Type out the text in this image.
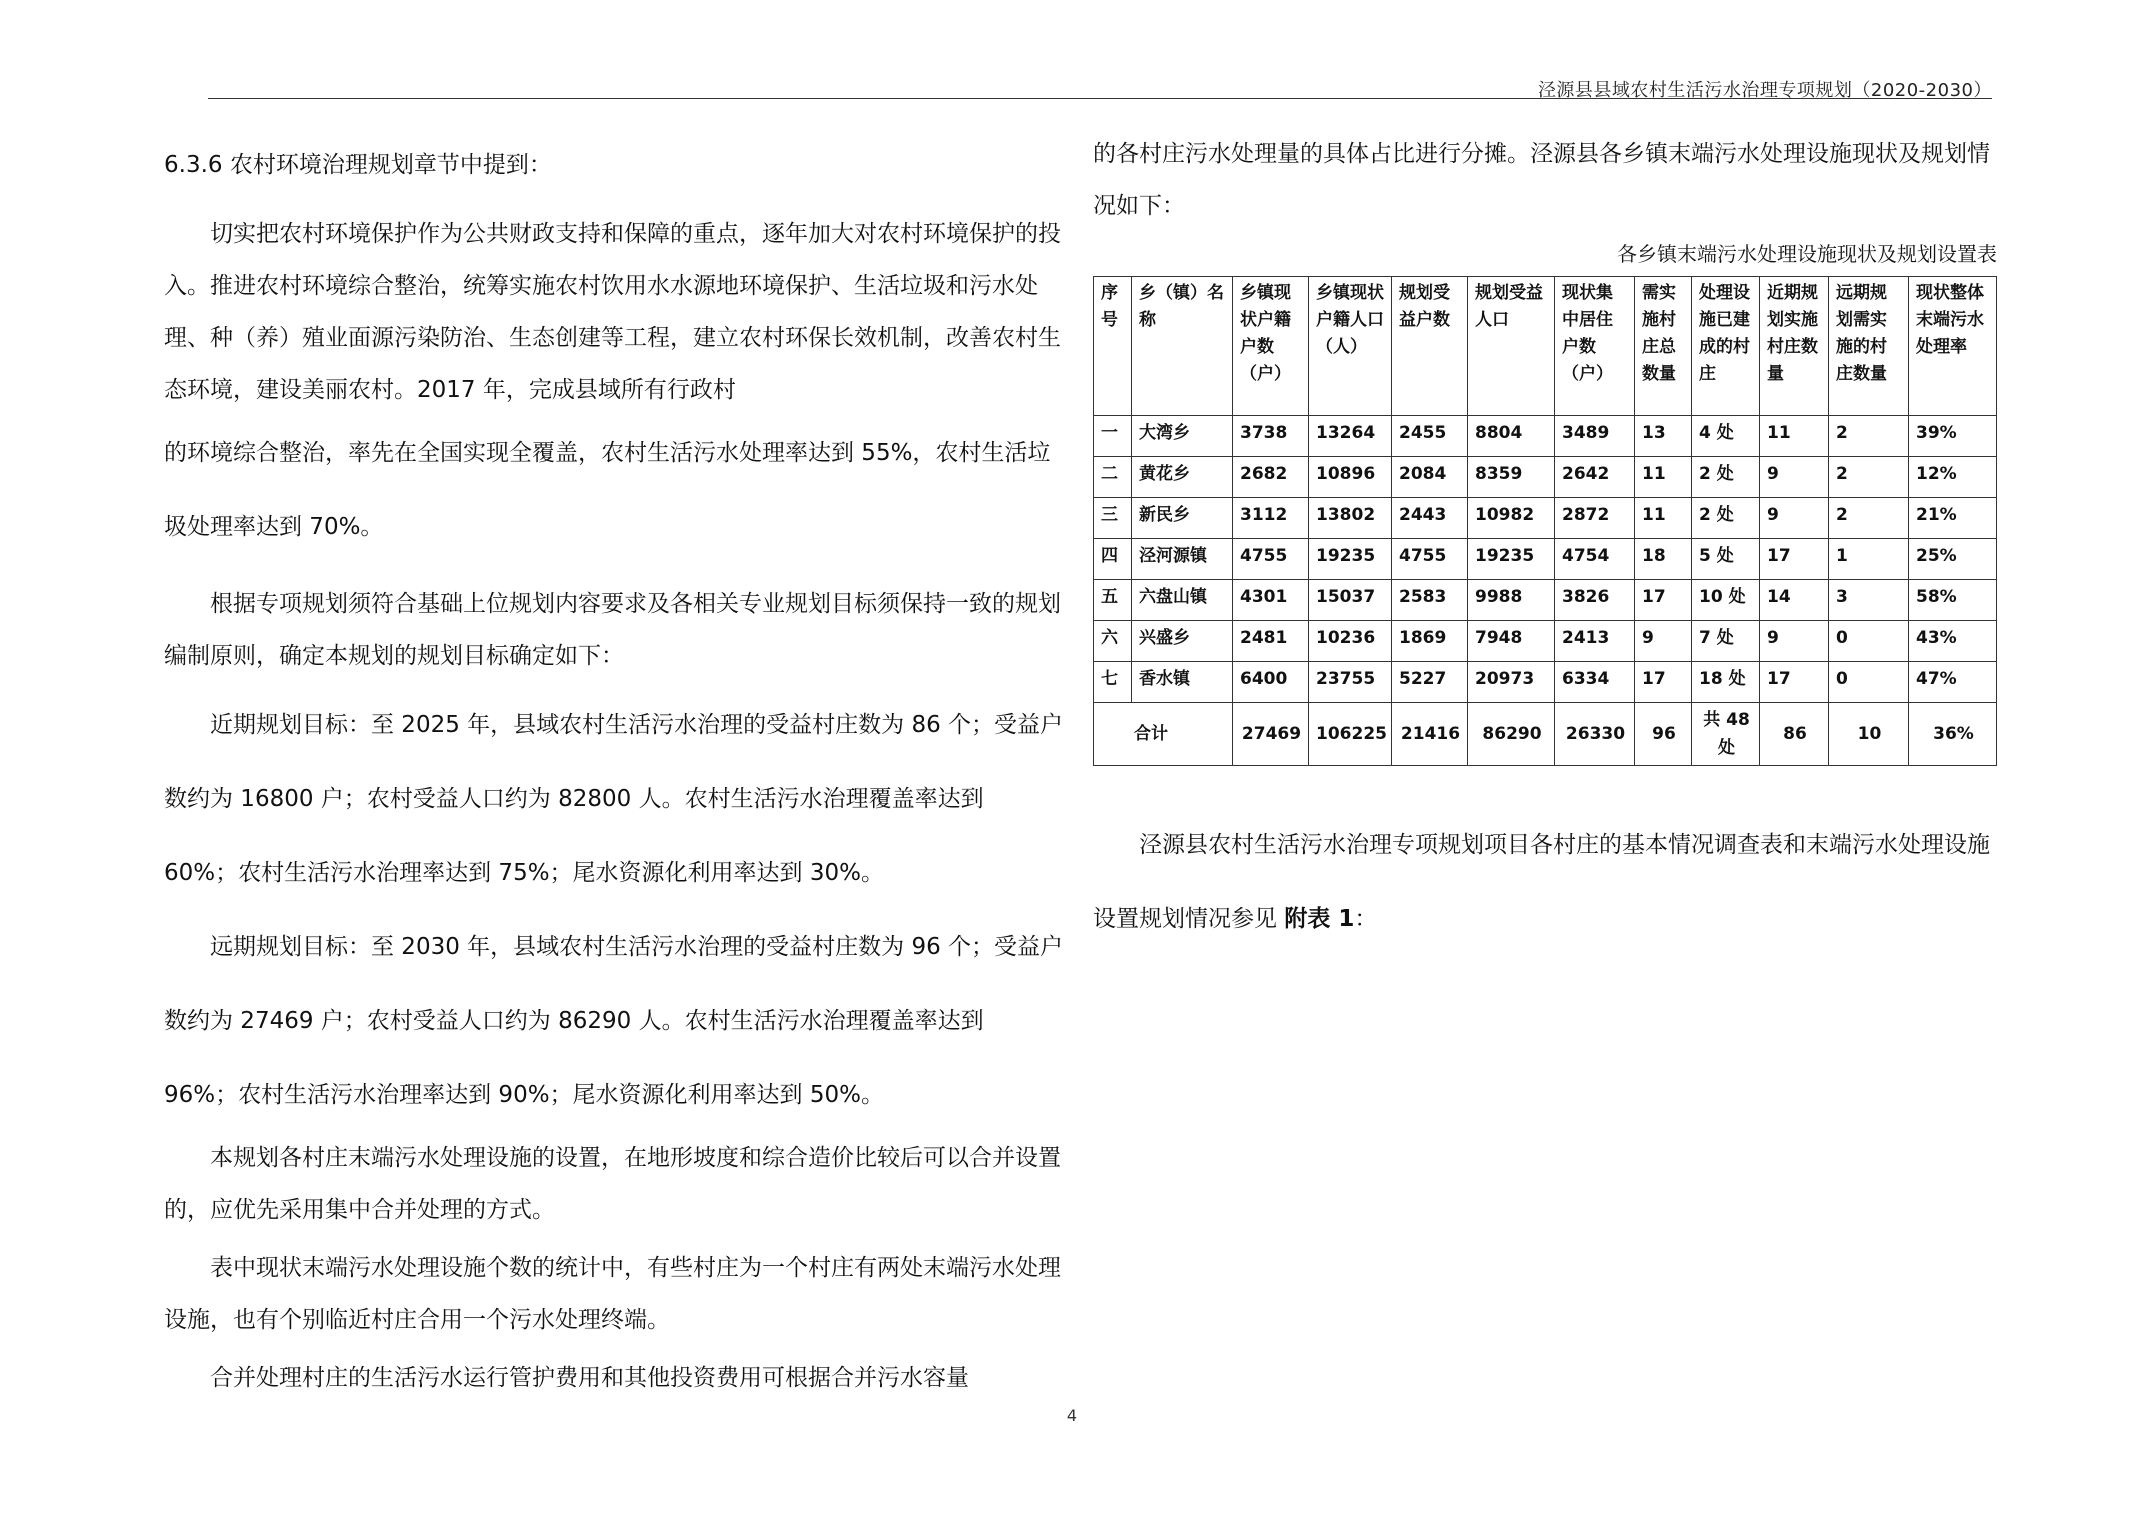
泾源县县域农村生活污水治理专项规划（2020-2030）

6.3.6 农村环境治理规划章节中提到：

切实把农村环境保护作为公共财政支持和保障的重点，逐年加大对农村环境保护的投入。推进农村环境综合整治，统筹实施农村饮用水水源地环境保护、生活垃圾和污水处理、种（养）殖业面源污染防治、生态创建等工程，建立农村环保长效机制，改善农村生态环境，建设美丽农村。2017 年，完成县域所有行政村

的环境综合整治，率先在全国实现全覆盖，农村生活污水处理率达到 55%，农村生活垃圾处理率达到 70%。

根据专项规划须符合基础上位规划内容要求及各相关专业规划目标须保持一致的规划编制原则，确定本规划的规划目标确定如下：

近期规划目标：至 2025 年，县域农村生活污水治理的受益村庄数为 86 个；受益户数约为 16800 户；农村受益人口约为 82800 人。农村生活污水治理覆盖率达到 60%；农村生活污水治理率达到 75%；尾水资源化利用率达到 30%。

远期规划目标：至 2030 年，县域农村生活污水治理的受益村庄数为 96 个；受益户数约为 27469 户；农村受益人口约为 86290 人。农村生活污水治理覆盖率达到 96%；农村生活污水治理率达到 90%；尾水资源化利用率达到 50%。

本规划各村庄末端污水处理设施的设置，在地形坡度和综合造价比较后可以合并设置的，应优先采用集中合并处理的方式。

表中现状末端污水处理设施个数的统计中，有些村庄为一个村庄有两处末端污水处理设施，也有个别临近村庄合用一个污水处理终端。

合并处理村庄的生活污水运行管护费用和其他投资费用可根据合并污水容量

的各村庄污水处理量的具体占比进行分摊。泾源县各乡镇末端污水处理设施现状及规划情况如下：

各乡镇末端污水处理设施现状及规划设置表

序号	乡（镇）名称	乡镇现状户籍户数（户）	乡镇现状户籍人口（人）	规划受益户数	规划受益人口	现状集中居住户数（户）	需实施村庄总数量	处理设施已建成的村庄	近期规划实施村庄数量	远期规划需实施的村庄数量	现状整体末端污水处理率
一	大湾乡	3738	13264	2455	8804	3489	13	4 处	11	2	39%
二	黄花乡	2682	10896	2084	8359	2642	11	2 处	9	2	12%
三	新民乡	3112	13802	2443	10982	2872	11	2 处	9	2	21%
四	泾河源镇	4755	19235	4755	19235	4754	18	5 处	17	1	25%
五	六盘山镇	4301	15037	2583	9988	3826	17	10 处	14	3	58%
六	兴盛乡	2481	10236	1869	7948	2413	9	7 处	9	0	43%
七	香水镇	6400	23755	5227	20973	6334	17	18 处	17	0	47%
合计		27469	106225	21416	86290	26330	96	共 48 处	86	10	36%

泾源县农村生活污水治理专项规划项目各村庄的基本情况调查表和末端污水处理设施设置规划情况参见 附表 1：

4
